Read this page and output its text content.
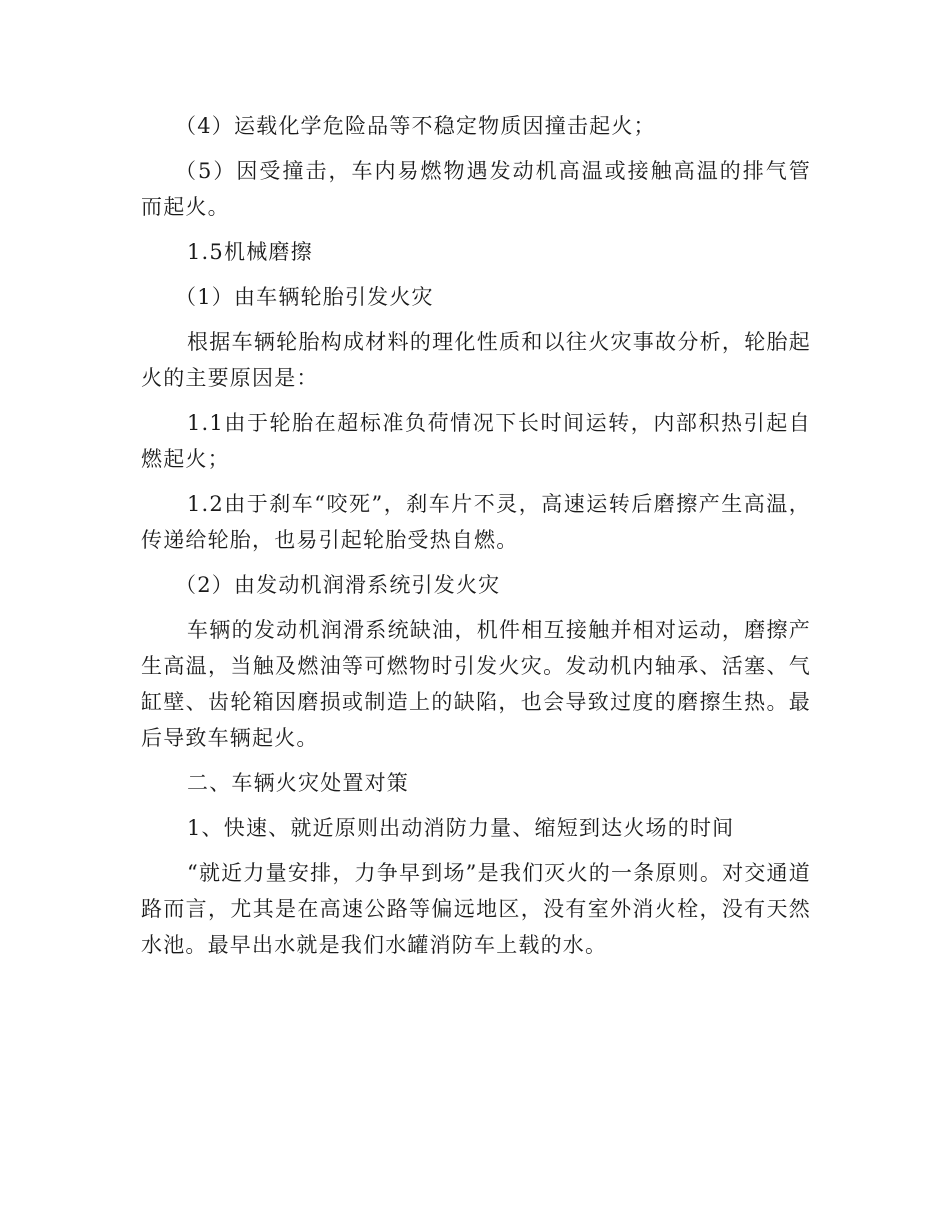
（4）运载化学危险品等不稳定物质因撞击起火；

（5）因受撞击，车内易燃物遇发动机高温或接触高温的排气管而起火。

1.5机械磨擦

（1）由车辆轮胎引发火灾

根据车辆轮胎构成材料的理化性质和以往火灾事故分析，轮胎起火的主要原因是：

1.1由于轮胎在超标准负荷情况下长时间运转，内部积热引起自燃起火；

1.2由于刹车“咬死”，刹车片不灵，高速运转后磨擦产生高温，传递给轮胎，也易引起轮胎受热自燃。

（2）由发动机润滑系统引发火灾

车辆的发动机润滑系统缺油，机件相互接触并相对运动，磨擦产生高温，当触及燃油等可燃物时引发火灾。发动机内轴承、活塞、气缸壁、齿轮箱因磨损或制造上的缺陷，也会导致过度的磨擦生热。最后导致车辆起火。

二、车辆火灾处置对策

1、快速、就近原则出动消防力量、缩短到达火场的时间

“就近力量安排，力争早到场”是我们灭火的一条原则。对交通道路而言，尤其是在高速公路等偏远地区，没有室外消火栓，没有天然水池。最早出水就是我们水罐消防车上载的水。
